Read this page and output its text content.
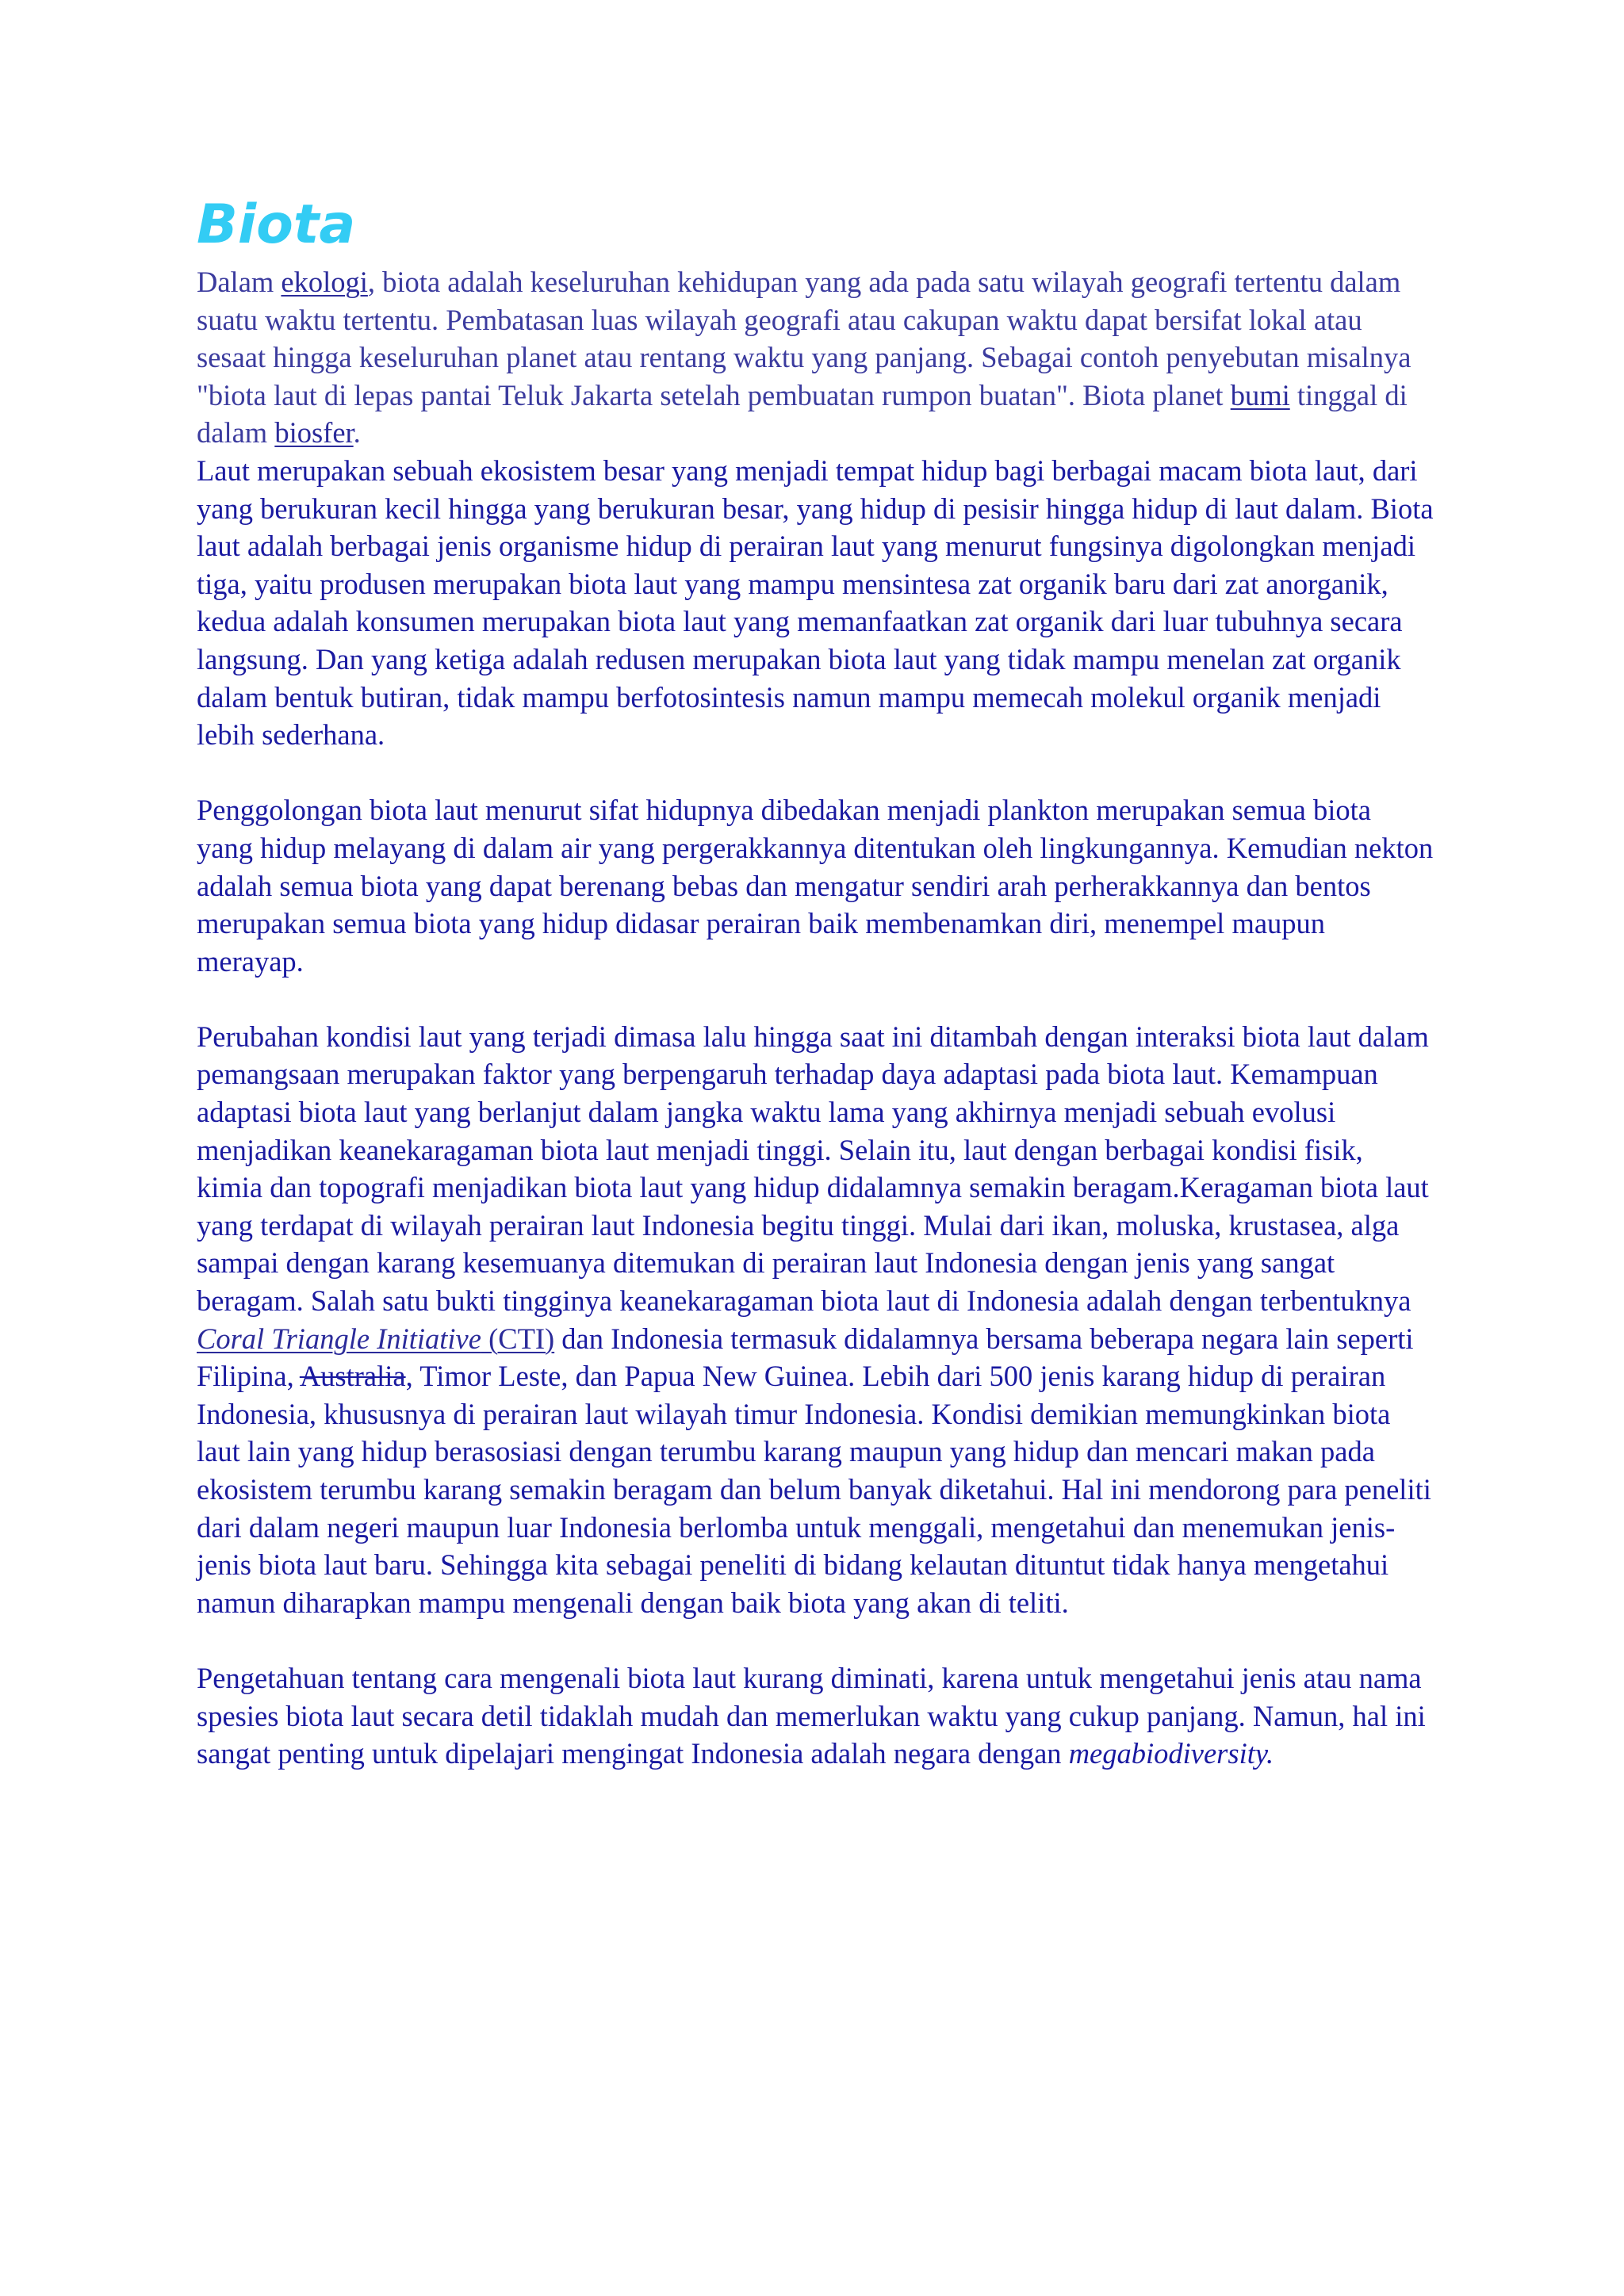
Biota

Dalam ekologi, biota adalah keseluruhan kehidupan yang ada pada satu wilayah geografi tertentu dalam suatu waktu tertentu. Pembatasan luas wilayah geografi atau cakupan waktu dapat bersifat lokal atau sesaat hingga keseluruhan planet atau rentang waktu yang panjang. Sebagai contoh penyebutan misalnya "biota laut di lepas pantai Teluk Jakarta setelah pembuatan rumpon buatan". Biota planet bumi tinggal di dalam biosfer.

Laut merupakan sebuah ekosistem besar yang menjadi tempat hidup bagi berbagai macam biota laut, dari yang berukuran kecil hingga yang berukuran besar, yang hidup di pesisir hingga hidup di laut dalam. Biota laut adalah berbagai jenis organisme hidup di perairan laut yang menurut fungsinya digolongkan menjadi tiga, yaitu produsen merupakan biota laut yang mampu mensintesa zat organik baru dari zat anorganik, kedua adalah konsumen merupakan biota laut yang memanfaatkan zat organik dari luar tubuhnya secara langsung. Dan yang ketiga adalah redusen merupakan biota laut yang tidak mampu menelan zat organik dalam bentuk butiran, tidak mampu berfotosintesis namun mampu memecah molekul organik menjadi lebih sederhana.

Penggolongan biota laut menurut sifat hidupnya dibedakan menjadi plankton merupakan semua biota yang hidup melayang di dalam air yang pergerakkannya ditentukan oleh lingkungannya. Kemudian nekton adalah semua biota yang dapat berenang bebas dan mengatur sendiri arah perherakkannya dan bentos merupakan semua biota yang hidup didasar perairan baik membenamkan diri, menempel maupun merayap.

Perubahan kondisi laut yang terjadi dimasa lalu hingga saat ini ditambah dengan interaksi biota laut dalam pemangsaan merupakan faktor yang berpengaruh terhadap daya adaptasi pada biota laut. Kemampuan adaptasi biota laut yang berlanjut dalam jangka waktu lama yang akhirnya menjadi sebuah evolusi menjadikan keanekaragaman biota laut menjadi tinggi. Selain itu, laut dengan berbagai kondisi fisik, kimia dan topografi menjadikan biota laut yang hidup didalamnya semakin beragam.Keragaman biota laut yang terdapat di wilayah perairan laut Indonesia begitu tinggi. Mulai dari ikan, moluska, krustasea, alga sampai dengan karang kesemuanya ditemukan di perairan laut Indonesia dengan jenis yang sangat beragam. Salah satu bukti tingginya keanekaragaman biota laut di Indonesia adalah dengan terbentuknya Coral Triangle Initiative (CTI) dan Indonesia termasuk didalamnya bersama beberapa negara lain seperti Filipina, Australia, Timor Leste, dan Papua New Guinea. Lebih dari 500 jenis karang hidup di perairan Indonesia, khususnya di perairan laut wilayah timur Indonesia. Kondisi demikian memungkinkan biota laut lain yang hidup berasosiasi dengan terumbu karang maupun yang hidup dan mencari makan pada ekosistem terumbu karang semakin beragam dan belum banyak diketahui. Hal ini mendorong para peneliti dari dalam negeri maupun luar Indonesia berlomba untuk menggali, mengetahui dan menemukan jenis-jenis biota laut baru. Sehingga kita sebagai peneliti di bidang kelautan dituntut tidak hanya mengetahui namun diharapkan mampu mengenali dengan baik biota yang akan di teliti.

Pengetahuan tentang cara mengenali biota laut kurang diminati, karena untuk mengetahui jenis atau nama spesies biota laut secara detil tidaklah mudah dan memerlukan waktu yang cukup panjang. Namun, hal ini sangat penting untuk dipelajari mengingat Indonesia adalah negara dengan megabiodiversity.
